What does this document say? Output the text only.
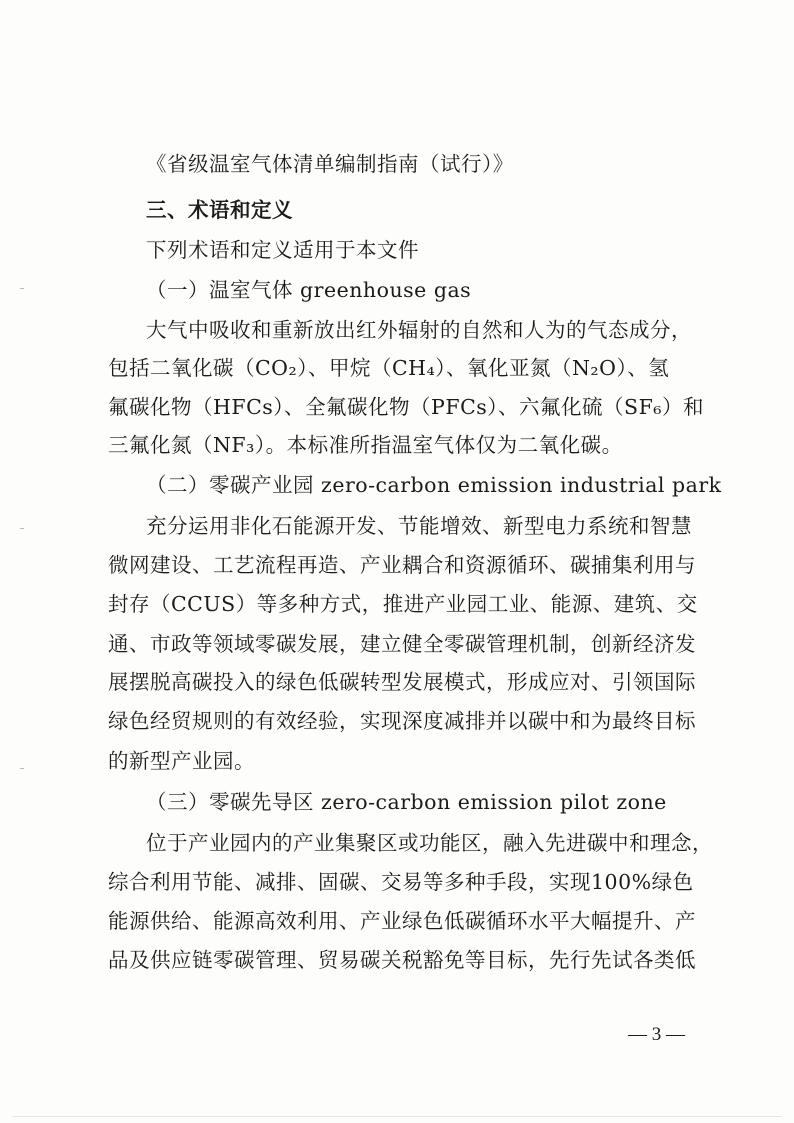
《省级温室气体清单编制指南（试行）》
三、术语和定义
下列术语和定义适用于本文件
（一）温室气体 greenhouse gas
大气中吸收和重新放出红外辐射的自然和人为的气态成分，
包括二氧化碳（CO₂）、甲烷（CH₄）、氧化亚氮（N₂O）、氢
氟碳化物（HFCs）、全氟碳化物（PFCs）、六氟化硫（SF₆）和
三氟化氮（NF₃）。本标准所指温室气体仅为二氧化碳。
（二）零碳产业园 zero-carbon emission industrial park
充分运用非化石能源开发、节能增效、新型电力系统和智慧
微网建设、工艺流程再造、产业耦合和资源循环、碳捕集利用与
封存（CCUS）等多种方式，推进产业园工业、能源、建筑、交
通、市政等领域零碳发展，建立健全零碳管理机制，创新经济发
展摆脱高碳投入的绿色低碳转型发展模式，形成应对、引领国际
绿色经贸规则的有效经验，实现深度减排并以碳中和为最终目标
的新型产业园。
（三）零碳先导区 zero-carbon emission pilot zone
位于产业园内的产业集聚区或功能区，融入先进碳中和理念，
综合利用节能、减排、固碳、交易等多种手段，实现100%绿色
能源供给、能源高效利用、产业绿色低碳循环水平大幅提升、产
品及供应链零碳管理、贸易碳关税豁免等目标，先行先试各类低
— 3 —
